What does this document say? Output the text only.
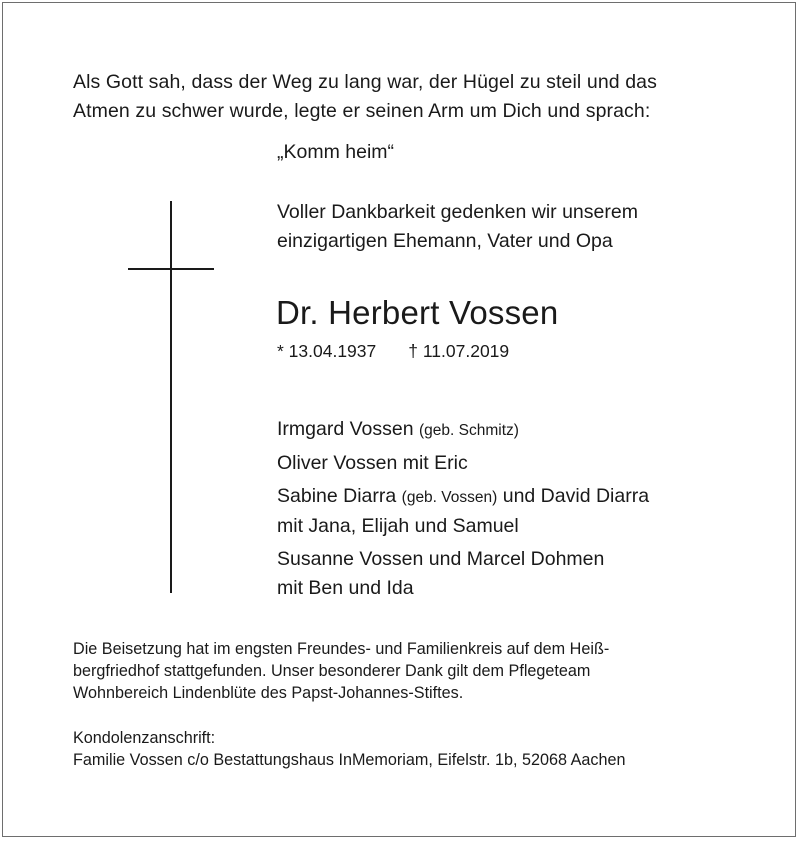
Als Gott sah, dass der Weg zu lang war, der Hügel zu steil und das
Atmen zu schwer wurde, legte er seinen Arm um Dich und sprach:
„Komm heim“
Voller Dankbarkeit gedenken wir unserem
einzigartigen Ehemann, Vater und Opa
Dr. Herbert Vossen
* 13.04.1937 † 11.07.2019
Irmgard Vossen (geb. Schmitz)
Oliver Vossen mit Eric
Sabine Diarra (geb. Vossen) und David Diarra
mit Jana, Elijah und Samuel
Susanne Vossen und Marcel Dohmen
mit Ben und Ida
Die Beisetzung hat im engsten Freundes- und Familienkreis auf dem Heiß-
bergfriedhof stattgefunden. Unser besonderer Dank gilt dem Pflegeteam
Wohnbereich Lindenblüte des Papst-Johannes-Stiftes.
Kondolenzanschrift:
Familie Vossen c/o Bestattungshaus InMemoriam, Eifelstr. 1b, 52068 Aachen
